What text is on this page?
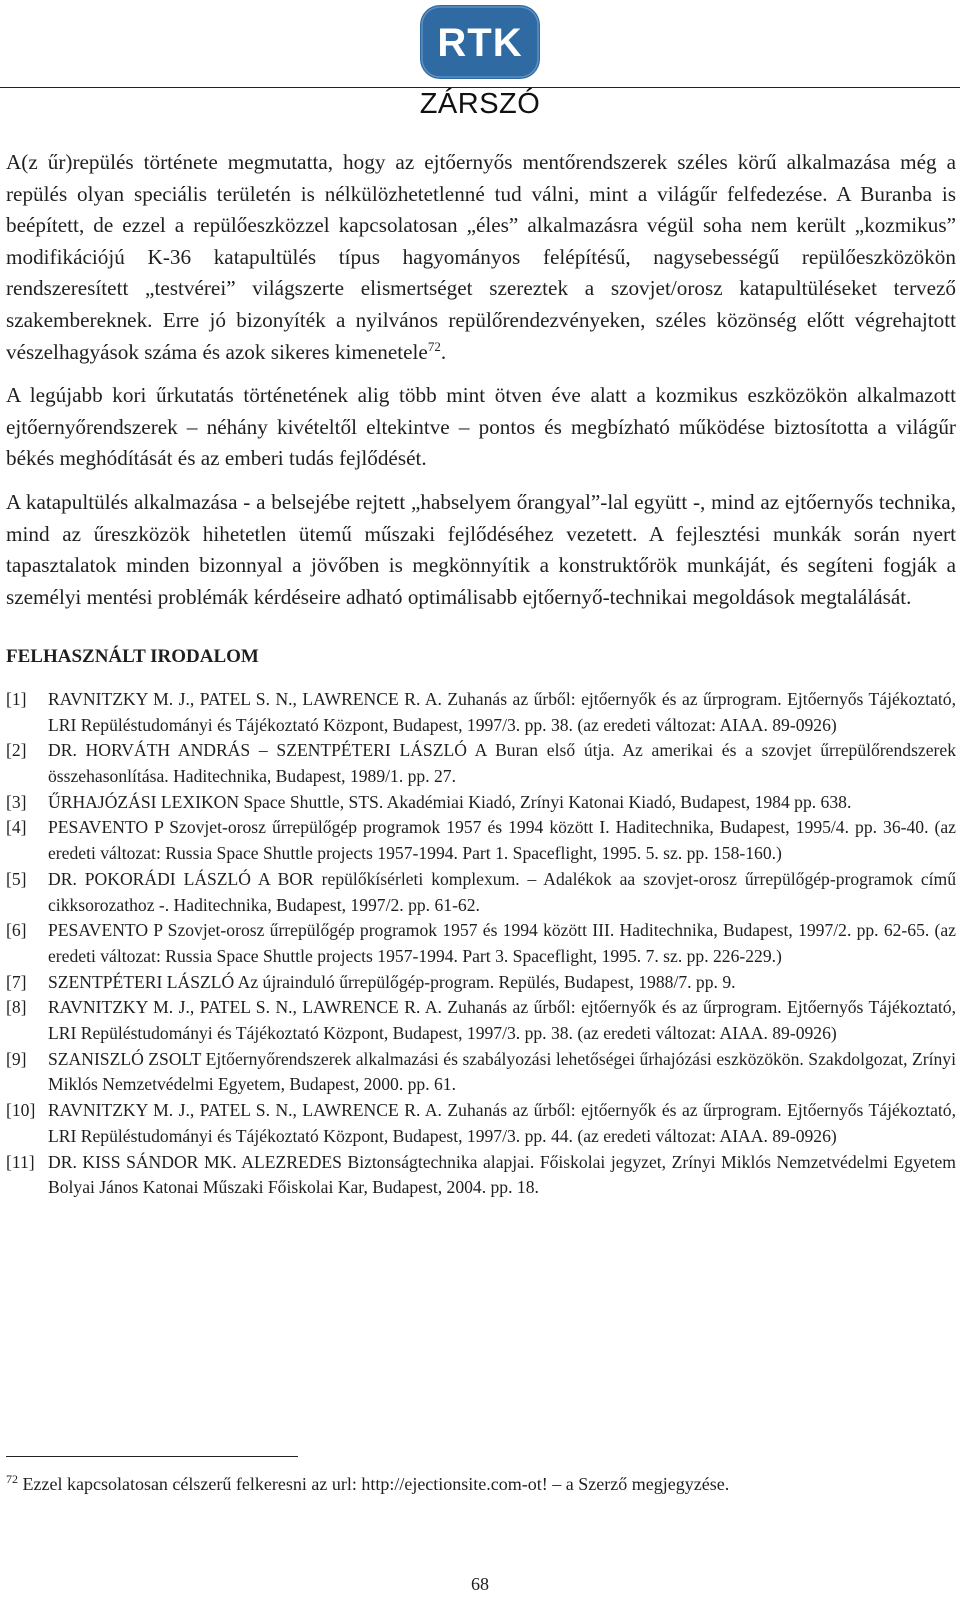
RTK
ZÁRSZÓ

A(z űr)repülés története megmutatta, hogy az ejtőernyős mentőrendszerek széles körű alkalmazása még a repülés olyan speciális területén is nélkülözhetetlenné tud válni, mint a világűr felfedezése. A Buranba is beépített, de ezzel a repülőeszközzel kapcsolatosan „éles” alkalmazásra végül soha nem került „kozmikus” modifikációjú K-36 katapultülés típus hagyományos felépítésű, nagysebességű repülőeszközökön rendszeresített „testvérei” világszerte elismertséget szereztek a szovjet/orosz katapultüléseket tervező szakembereknek. Erre jó bizonyíték a nyilvános repülőrendezvényeken, széles közönség előtt végrehajtott vészelhagyások száma és azok sikeres kimenetele$^{72}$.

A legújabb kori űrkutatás történetének alig több mint ötven éve alatt a kozmikus eszközökön alkalmazott ejtőernyőrendszerek – néhány kivételtől eltekintve – pontos és megbízható működése biztosította a világűr békés meghódítását és az emberi tudás fejlődését.

A katapultülés alkalmazása - a belsejébe rejtett „habselyem őrangyal”-lal együtt -, mind az ejtőernyős technika, mind az űreszközök hihetetlen ütemű műszaki fejlődéséhez vezetett. A fejlesztési munkák során nyert tapasztalatok minden bizonnyal a jövőben is megkönnyítik a konstruktőrök munkáját, és segíteni fogják a személyi mentési problémák kérdéseire adható optimálisabb ejtőernyő-technikai megoldások megtalálását.

FELHASZNÁLT IRODALOM
[1]	RAVNITZKY M. J., PATEL S. N., LAWRENCE R. A. Zuhanás az űrből: ejtőernyők és az űrprogram. Ejtőernyős Tájékoztató, LRI Repüléstudományi és Tájékoztató Központ, Budapest, 1997/3. pp. 38. (az eredeti változat: AIAA. 89-0926)
[2]	DR. HORVÁTH ANDRÁS – SZENTPÉTERI LÁSZLÓ A Buran első útja. Az amerikai és a szovjet űrrepülőrendszerek összehasonlítása. Haditechnika, Budapest, 1989/1. pp. 27.
[3]	ŰRHAJÓZÁSI LEXIKON Space Shuttle, STS. Akadémiai Kiadó, Zrínyi Katonai Kiadó, Budapest, 1984 pp. 638.
[4]	PESAVENTO P Szovjet-orosz űrrepülőgép programok 1957 és 1994 között I. Haditechnika, Budapest, 1995/4. pp. 36-40. (az eredeti változat: Russia Space Shuttle projects 1957-1994. Part 1. Spaceflight, 1995. 5. sz. pp. 158-160.)
[5]	DR. POKORÁDI LÁSZLÓ A BOR repülőkísérleti komplexum. – Adalékok aa szovjet-orosz űrrepülőgép-programok című cikksorozathoz -. Haditechnika, Budapest, 1997/2. pp. 61-62.
[6]	PESAVENTO P Szovjet-orosz űrrepülőgép programok 1957 és 1994 között III. Haditechnika, Budapest, 1997/2. pp. 62-65. (az eredeti változat: Russia Space Shuttle projects 1957-1994. Part 3. Spaceflight, 1995. 7. sz. pp. 226-229.)
[7]	SZENTPÉTERI LÁSZLÓ Az újrainduló űrrepülőgép-program. Repülés, Budapest, 1988/7. pp. 9.
[8]	RAVNITZKY M. J., PATEL S. N., LAWRENCE R. A. Zuhanás az űrből: ejtőernyők és az űrprogram. Ejtőernyős Tájékoztató, LRI Repüléstudományi és Tájékoztató Központ, Budapest, 1997/3. pp. 38. (az eredeti változat: AIAA. 89-0926)
[9]	SZANISZLÓ ZSOLT Ejtőernyőrendszerek alkalmazási és szabályozási lehetőségei űrhajózási eszközökön. Szakdolgozat, Zrínyi Miklós Nemzetvédelmi Egyetem, Budapest, 2000. pp. 61.
[10] RAVNITZKY M. J., PATEL S. N., LAWRENCE R. A. Zuhanás az űrből: ejtőernyők és az űrprogram. Ejtőernyős Tájékoztató, LRI Repüléstudományi és Tájékoztató Központ, Budapest, 1997/3. pp. 44. (az eredeti változat: AIAA. 89-0926)
[11] DR. KISS SÁNDOR MK. ALEZREDES Biztonságtechnika alapjai. Főiskolai jegyzet, Zrínyi Miklós Nemzetvédelmi Egyetem Bolyai János Katonai Műszaki Főiskolai Kar, Budapest, 2004. pp. 18.
$^{72}$ Ezzel kapcsolatosan célszerű felkeresni az url: http://ejectionsite.com-ot! – a Szerző megjegyzése.
68
